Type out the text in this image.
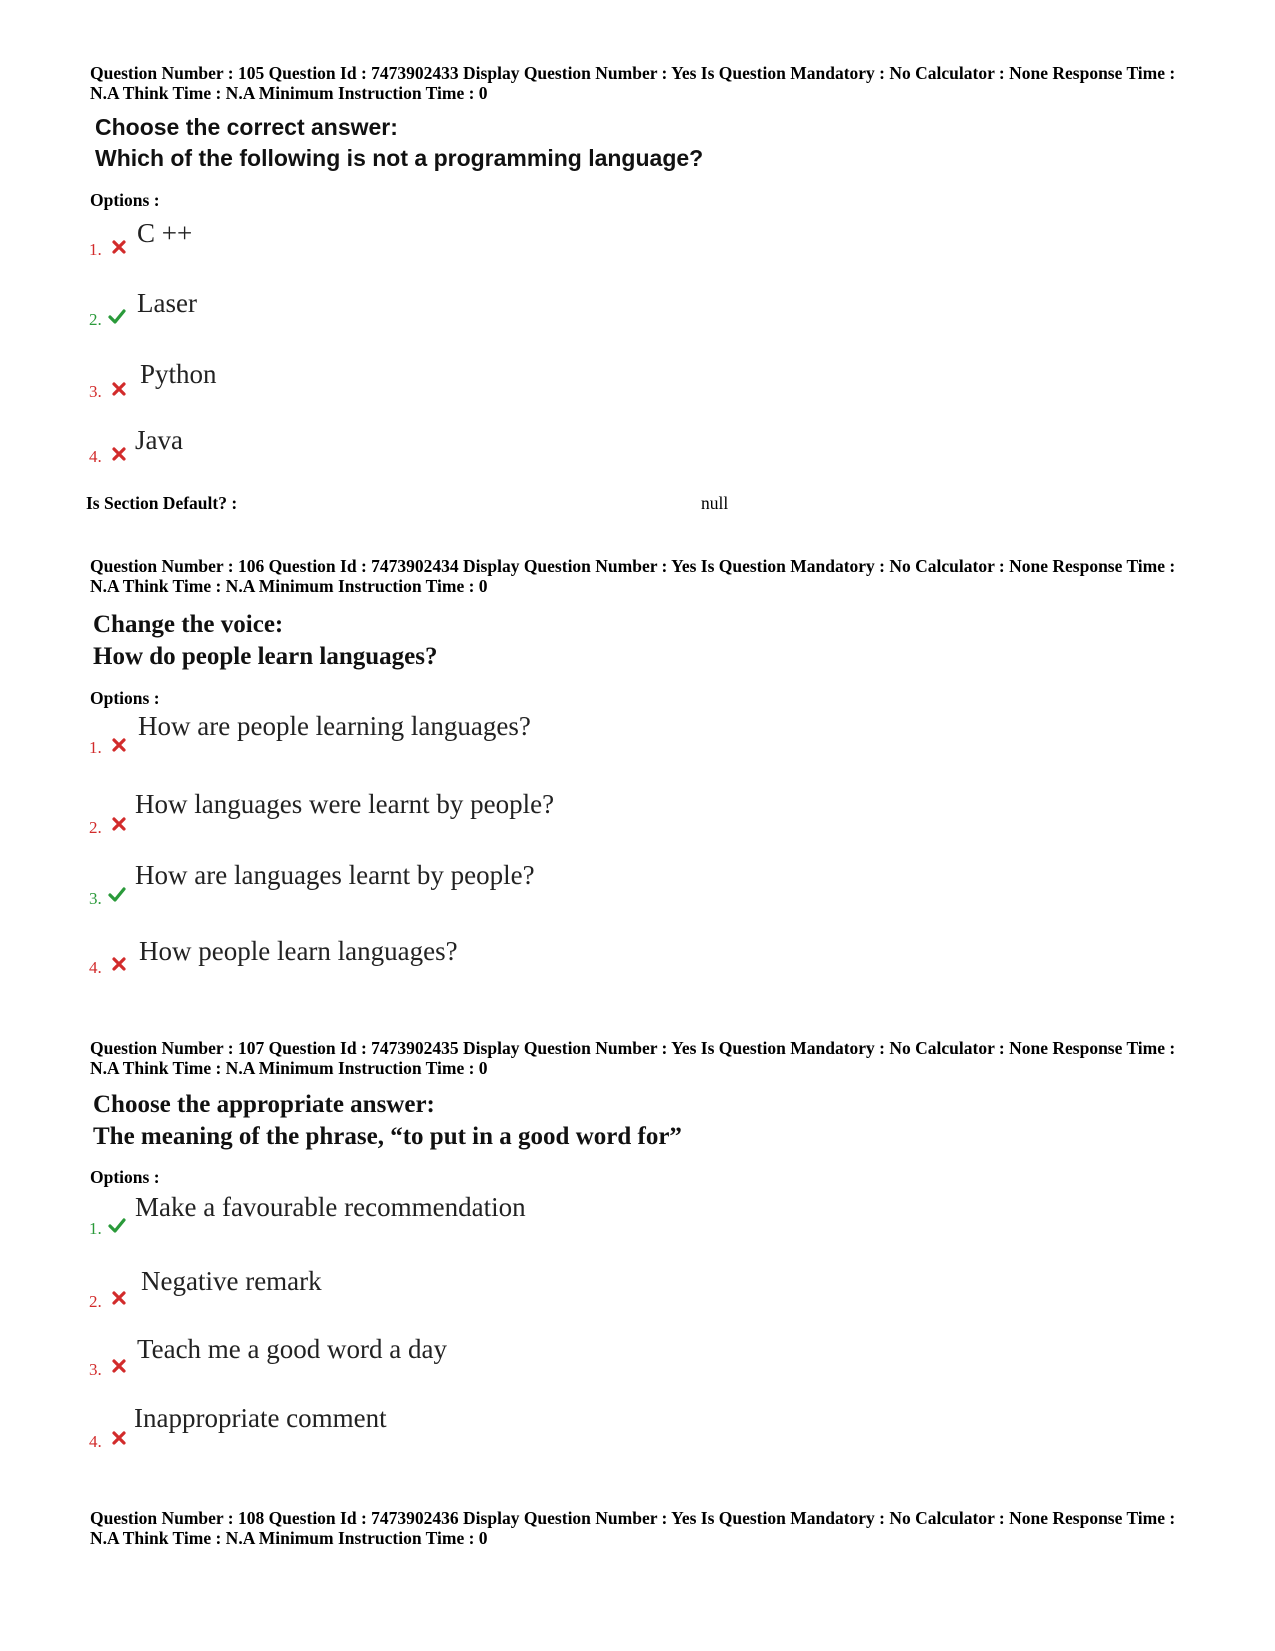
Question Number : 105 Question Id : 7473902433 Display Question Number : Yes Is Question Mandatory : No Calculator : None Response Time : N.A Think Time : N.A Minimum Instruction Time : 0

Choose the correct answer:

Which of the following is not a programming language?

Options :
1.
C ++
2.
Laser
3.
Python
4.
Java
Is Section Default? :	null

Question Number : 106 Question Id : 7473902434 Display Question Number : Yes Is Question Mandatory : No Calculator : None Response Time : N.A Think Time : N.A Minimum Instruction Time : 0

Change the voice:

How do people learn languages?

Options :
1.
How are people learning languages?
2.
How languages were learnt by people?
3.
How are languages learnt by people?
4.
How people learn languages?

Question Number : 107 Question Id : 7473902435 Display Question Number : Yes Is Question Mandatory : No Calculator : None Response Time : N.A Think Time : N.A Minimum Instruction Time : 0

Choose the appropriate answer:

The meaning of the phrase, “to put in a good word for”

Options :
1.
Make a favourable recommendation
2.
Negative remark
3.
Teach me a good word a day
4.
Inappropriate comment

Question Number : 108 Question Id : 7473902436 Display Question Number : Yes Is Question Mandatory : No Calculator : None Response Time : N.A Think Time : N.A Minimum Instruction Time : 0
